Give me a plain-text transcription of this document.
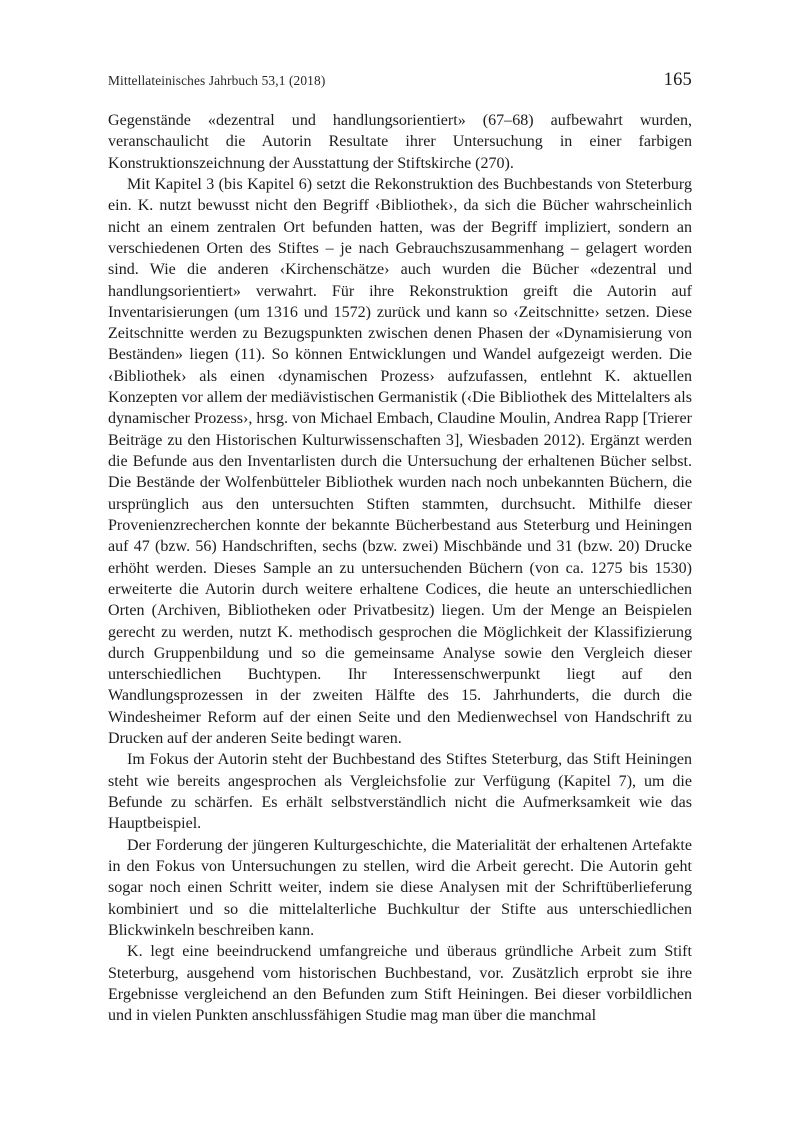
Mittellateinisches Jahrbuch 53,1 (2018)	165

Gegenstände «dezentral und handlungsorientiert» (67–68) aufbewahrt wurden, veranschaulicht die Autorin Resultate ihrer Untersuchung in einer farbigen Konstruktionszeichnung der Ausstattung der Stiftskirche (270).

Mit Kapitel 3 (bis Kapitel 6) setzt die Rekonstruktion des Buchbestands von Steterburg ein. K. nutzt bewusst nicht den Begriff ‹Bibliothek›, da sich die Bücher wahrscheinlich nicht an einem zentralen Ort befunden hatten, was der Begriff impliziert, sondern an verschiedenen Orten des Stiftes – je nach Gebrauchszusammenhang – gelagert worden sind. Wie die anderen ‹Kirchenschätze› auch wurden die Bücher «dezentral und handlungsorientiert» verwahrt. Für ihre Rekonstruktion greift die Autorin auf Inventarisierungen (um 1316 und 1572) zurück und kann so ‹Zeitschnitte› setzen. Diese Zeitschnitte werden zu Bezugspunkten zwischen denen Phasen der «Dynamisierung von Beständen» liegen (11). So können Entwicklungen und Wandel aufgezeigt werden. Die ‹Bibliothek› als einen ‹dynamischen Prozess› aufzufassen, entlehnt K. aktuellen Konzepten vor allem der mediävistischen Germanistik (‹Die Bibliothek des Mittelalters als dynamischer Prozess›, hrsg. von Michael Embach, Claudine Moulin, Andrea Rapp [Trierer Beiträge zu den Historischen Kulturwissenschaften 3], Wiesbaden 2012). Ergänzt werden die Befunde aus den Inventarlisten durch die Untersuchung der erhaltenen Bücher selbst. Die Bestände der Wolfenbütteler Bibliothek wurden nach noch unbekannten Büchern, die ursprünglich aus den untersuchten Stiften stammten, durchsucht. Mithilfe dieser Provenienzrecherchen konnte der bekannte Bücherbestand aus Steterburg und Heiningen auf 47 (bzw. 56) Handschriften, sechs (bzw. zwei) Mischbände und 31 (bzw. 20) Drucke erhöht werden. Dieses Sample an zu untersuchenden Büchern (von ca. 1275 bis 1530) erweiterte die Autorin durch weitere erhaltene Codices, die heute an unterschiedlichen Orten (Archiven, Bibliotheken oder Privatbesitz) liegen. Um der Menge an Beispielen gerecht zu werden, nutzt K. methodisch gesprochen die Möglichkeit der Klassifizierung durch Gruppenbildung und so die gemeinsame Analyse sowie den Vergleich dieser unterschiedlichen Buchtypen. Ihr Interessenschwerpunkt liegt auf den Wandlungsprozessen in der zweiten Hälfte des 15. Jahrhunderts, die durch die Windesheimer Reform auf der einen Seite und den Medienwechsel von Handschrift zu Drucken auf der anderen Seite bedingt waren.

Im Fokus der Autorin steht der Buchbestand des Stiftes Steterburg, das Stift Heiningen steht wie bereits angesprochen als Vergleichsfolie zur Verfügung (Kapitel 7), um die Befunde zu schärfen. Es erhält selbstverständlich nicht die Aufmerksamkeit wie das Hauptbeispiel.

Der Forderung der jüngeren Kulturgeschichte, die Materialität der erhaltenen Artefakte in den Fokus von Untersuchungen zu stellen, wird die Arbeit gerecht. Die Autorin geht sogar noch einen Schritt weiter, indem sie diese Analysen mit der Schriftüberlieferung kombiniert und so die mittelalterliche Buchkultur der Stifte aus unterschiedlichen Blickwinkeln beschreiben kann.

K. legt eine beeindruckend umfangreiche und überaus gründliche Arbeit zum Stift Steterburg, ausgehend vom historischen Buchbestand, vor. Zusätzlich erprobt sie ihre Ergebnisse vergleichend an den Befunden zum Stift Heiningen. Bei dieser vorbildlichen und in vielen Punkten anschlussfähigen Studie mag man über die manchmal
